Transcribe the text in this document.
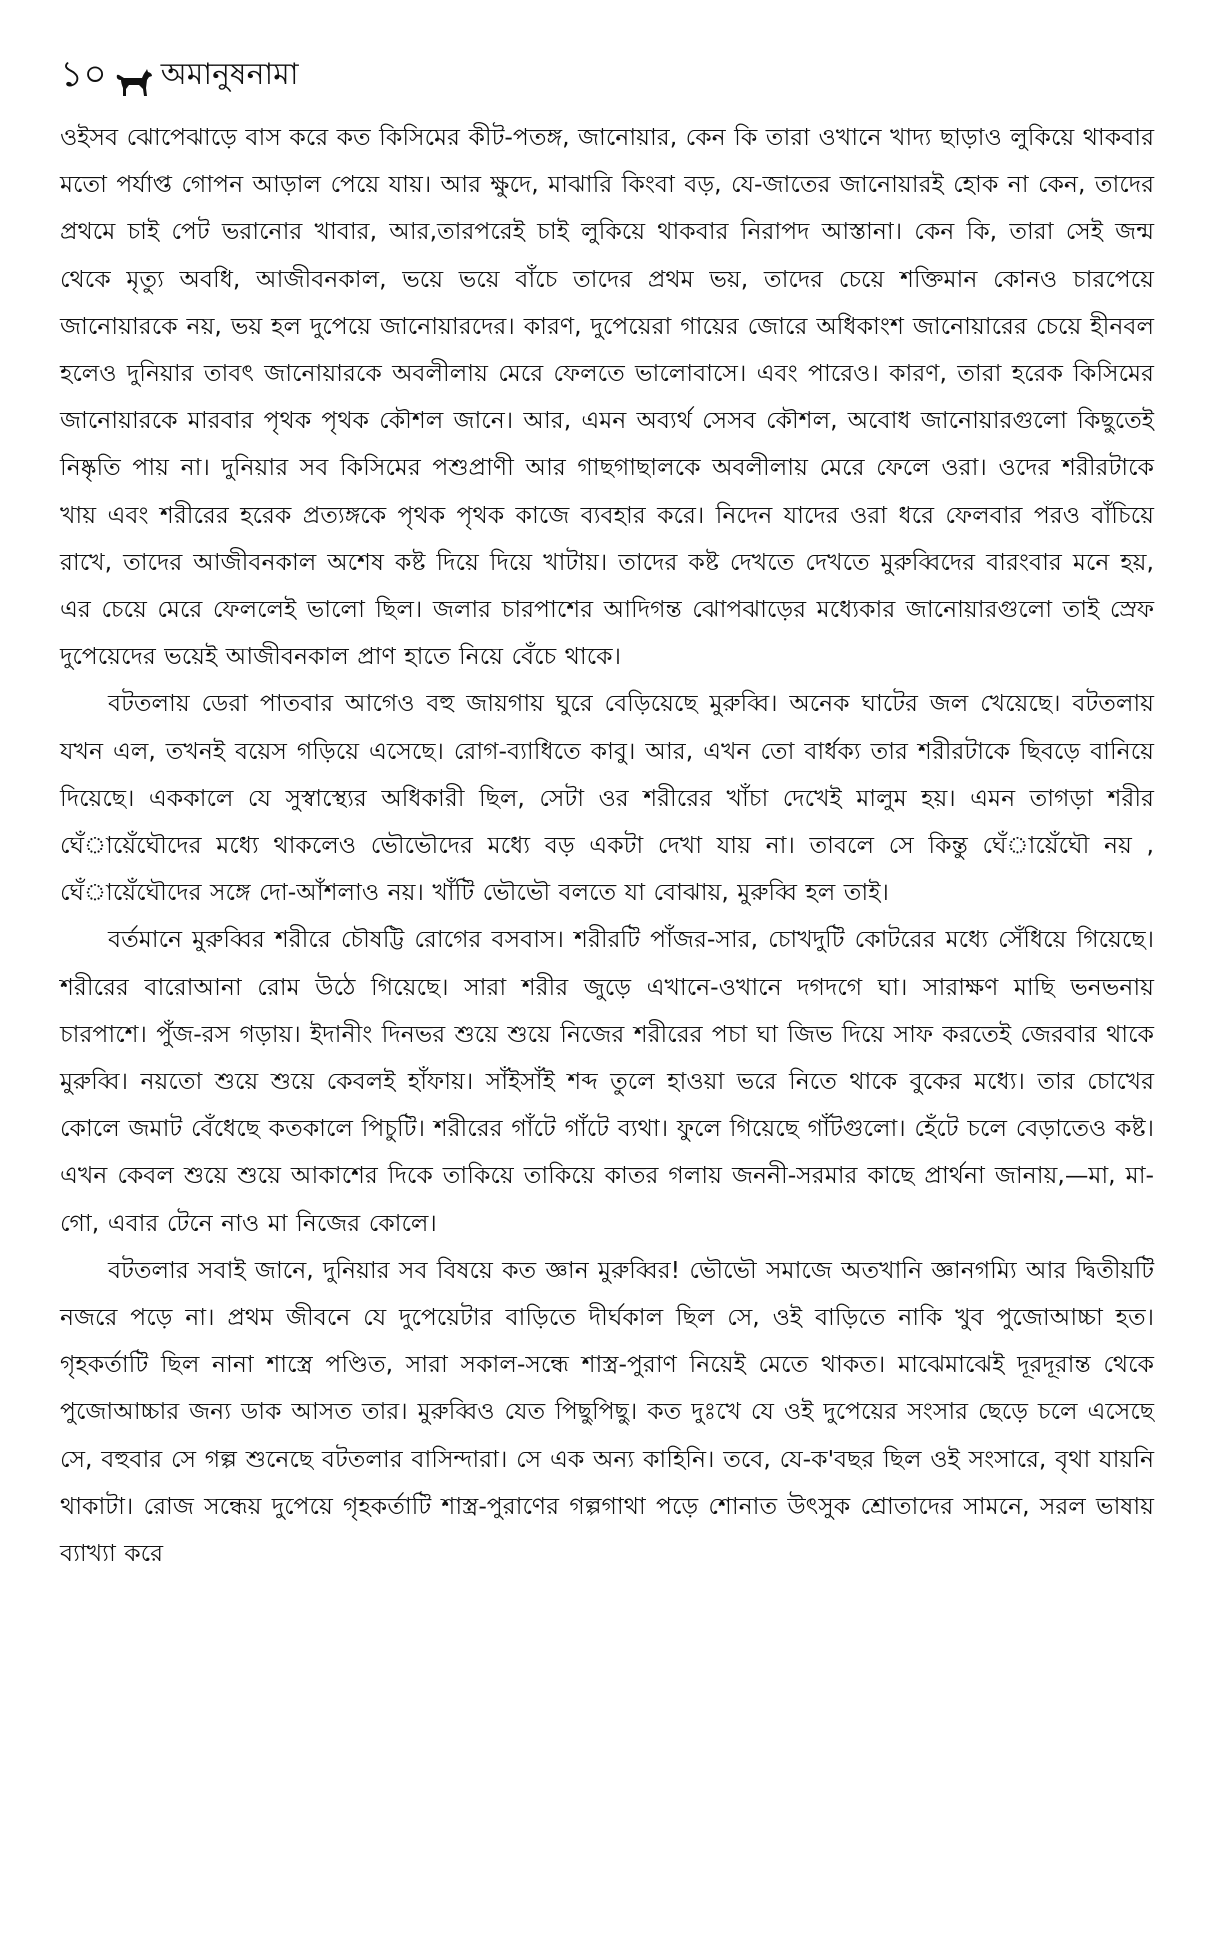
১০ অমানুষনামা

ওইসব ঝোপেঝাড়ে বাস করে কত কিসিমের কীট-পতঙ্গ, জানোয়ার, কেন কি তারা ওখানে খাদ্য ছাড়াও লুকিয়ে থাকবার মতো পর্যাপ্ত গোপন আড়াল পেয়ে যায়। আর ক্ষুদে, মাঝারি কিংবা বড়, যে-জাতের জানোয়ারই হোক না কেন, তাদের প্রথমে চাই পেট ভরানোর খাবার, আর,তারপরেই চাই লুকিয়ে থাকবার নিরাপদ আস্তানা। কেন কি, তারা সেই জন্ম থেকে মৃত্যু অবধি, আজীবনকাল, ভয়ে ভয়ে বাঁচে তাদের প্রথম ভয়, তাদের চেয়ে শক্তিমান কোনও চারপেয়ে জানোয়ারকে নয়, ভয় হল দুপেয়ে জানোয়ারদের। কারণ, দুপেয়েরা গায়ের জোরে অধিকাংশ জানোয়ারের চেয়ে হীনবল হলেও দুনিয়ার তাবৎ জানোয়ারকে অবলীলায় মেরে ফেলতে ভালোবাসে। এবং পারেও। কারণ, তারা হরেক কিসিমের জানোয়ারকে মারবার পৃথক পৃথক কৌশল জানে। আর, এমন অব্যর্থ সেসব কৌশল, অবোধ জানোয়ারগুলো কিছুতেই নিষ্কৃতি পায় না। দুনিয়ার সব কিসিমের পশুপ্রাণী আর গাছগাছালকে অবলীলায় মেরে ফেলে ওরা। ওদের শরীরটাকে খায় এবং শরীরের হরেক প্রত্যঙ্গকে পৃথক পৃথক কাজে ব্যবহার করে। নিদেন যাদের ওরা ধরে ফেলবার পরও বাঁচিয়ে রাখে, তাদের আজীবনকাল অশেষ কষ্ট দিয়ে দিয়ে খাটায়। তাদের কষ্ট দেখতে দেখতে মুরুব্বিদের বারংবার মনে হয়, এর চেয়ে মেরে ফেললেই ভালো ছিল। জলার চারপাশের আদিগন্ত ঝোপঝাড়ের মধ্যেকার জানোয়ারগুলো তাই স্রেফ দুপেয়েদের ভয়েই আজীবনকাল প্রাণ হাতে নিয়ে বেঁচে থাকে।

বটতলায় ডেরা পাতবার আগেও বহু জায়গায় ঘুরে বেড়িয়েছে মুরুব্বি। অনেক ঘাটের জল খেয়েছে। বটতলায় যখন এল, তখনই বয়েস গড়িয়ে এসেছে। রোগ-ব্যাধিতে কাবু। আর, এখন তো বার্ধক্য তার শরীরটাকে ছিবড়ে বানিয়ে দিয়েছে। এককালে যে সুস্বাস্থ্যের অধিকারী ছিল, সেটা ওর শরীরের খাঁচা দেখেই মালুম হয়। এমন তাগড়া শরীর ঘেঁায়েঁঘৌদের মধ্যে থাকলেও ভৌভৌদের মধ্যে বড় একটা দেখা যায় না। তাবলে সে কিন্তু ঘেঁায়েঁঘৌ নয় , ঘেঁায়েঁঘৌদের সঙ্গে দো-আঁশলাও নয়। খাঁটি ভৌভৌ বলতে যা বোঝায়, মুরুব্বি হল তাই।

বর্তমানে মুরুব্বির শরীরে চৌষট্টি রোগের বসবাস। শরীরটি পাঁজর-সার, চোখদুটি কোটরের মধ্যে সেঁধিয়ে গিয়েছে। শরীরের বারোআনা রোম উঠে গিয়েছে। সারা শরীর জুড়ে এখানে-ওখানে দগদগে ঘা। সারাক্ষণ মাছি ভনভনায় চারপাশে। পুঁজ-রস গড়ায়। ইদানীং দিনভর শুয়ে শুয়ে নিজের শরীরের পচা ঘা জিভ দিয়ে সাফ করতেই জেরবার থাকে মুরুব্বি। নয়তো শুয়ে শুয়ে কেবলই হাঁফায়। সাঁইসাঁই শব্দ তুলে হাওয়া ভরে নিতে থাকে বুকের মধ্যে। তার চোখের কোলে জমাট বেঁধেছে কতকালে পিচুটি। শরীরের গাঁটে গাঁটে ব্যথা। ফুলে গিয়েছে গাঁটগুলো। হেঁটে চলে বেড়াতেও কষ্ট। এখন কেবল শুয়ে শুয়ে আকাশের দিকে তাকিয়ে তাকিয়ে কাতর গলায় জননী-সরমার কাছে প্রার্থনা জানায়,—মা, মা-গো, এবার টেনে নাও মা নিজের কোলে।

বটতলার সবাই জানে, দুনিয়ার সব বিষয়ে কত জ্ঞান মুরুব্বির! ভৌভৌ সমাজে অতখানি জ্ঞানগম্যি আর দ্বিতীয়টি নজরে পড়ে না। প্রথম জীবনে যে দুপেয়েটার বাড়িতে দীর্ঘকাল ছিল সে, ওই বাড়িতে নাকি খুব পুজোআচ্চা হত। গৃহকর্তাটি ছিল নানা শাস্ত্রে পণ্ডিত, সারা সকাল-সন্ধে শাস্ত্র-পুরাণ নিয়েই মেতে থাকত। মাঝেমাঝেই দূরদূরান্ত থেকে পুজোআচ্চার জন্য ডাক আসত তার। মুরুব্বিও যেত পিছুপিছু। কত দুঃখে যে ওই দুপেয়ের সংসার ছেড়ে চলে এসেছে সে, বহুবার সে গল্প শুনেছে বটতলার বাসিন্দারা। সে এক অন্য কাহিনি। তবে, যে-ক'বছর ছিল ওই সংসারে, বৃথা যায়নি থাকাটা। রোজ সন্ধেয় দুপেয়ে গৃহকর্তাটি শাস্ত্র-পুরাণের গল্পগাথা পড়ে শোনাত উৎসুক শ্রোতাদের সামনে, সরল ভাষায় ব্যাখ্যা করে
